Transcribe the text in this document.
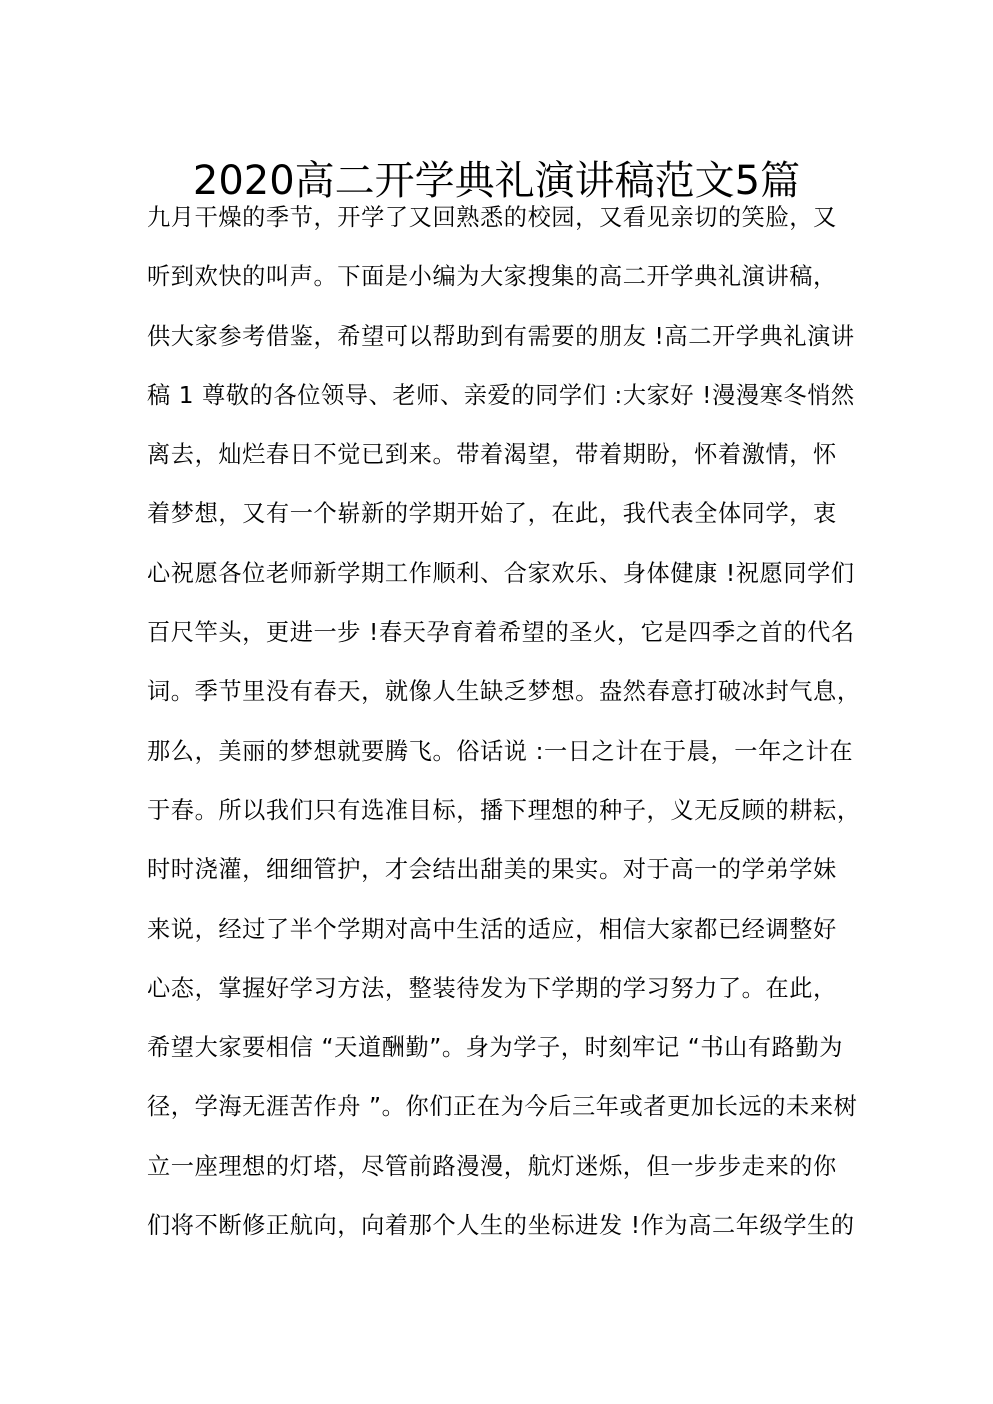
2020高二开学典礼演讲稿范文5篇
九月干燥的季节，开学了又回熟悉的校园，又看见亲切的笑脸，又
听到欢快的叫声。下面是小编为大家搜集的高二开学典礼演讲稿，
供大家参考借鉴，希望可以帮助到有需要的朋友 !高二开学典礼演讲
稿 1 尊敬的各位领导、老师、亲爱的同学们 :大家好 !漫漫寒冬悄然
离去，灿烂春日不觉已到来。带着渴望，带着期盼，怀着激情，怀
着梦想，又有一个崭新的学期开始了，在此，我代表全体同学，衷
心祝愿各位老师新学期工作顺利、合家欢乐、身体健康 !祝愿同学们
百尺竿头，更进一步 !春天孕育着希望的圣火，它是四季之首的代名
词。季节里没有春天，就像人生缺乏梦想。盎然春意打破冰封气息，
那么，美丽的梦想就要腾飞。俗话说 :一日之计在于晨，一年之计在
于春。所以我们只有选准目标，播下理想的种子，义无反顾的耕耘，
时时浇灌，细细管护，才会结出甜美的果实。对于高一的学弟学妹
来说，经过了半个学期对高中生活的适应，相信大家都已经调整好
心态，掌握好学习方法，整装待发为下学期的学习努力了。在此，
希望大家要相信 “天道酬勤”。身为学子，时刻牢记 “书山有路勤为
径，学海无涯苦作舟 ”。你们正在为今后三年或者更加长远的未来树
立一座理想的灯塔，尽管前路漫漫，航灯迷烁，但一步步走来的你
们将不断修正航向，向着那个人生的坐标进发 !作为高二年级学生的
